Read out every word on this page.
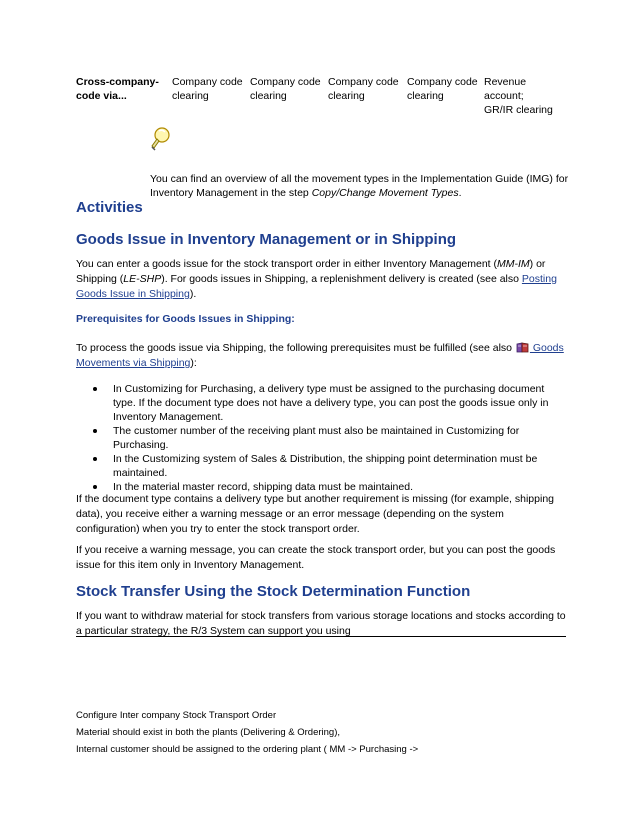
Cross-company-
code via...
Company code
clearing
Company code
clearing
Company code
clearing
Company code
clearing
Revenue
account;
GR/IR clearing

You can find an overview of all the movement types in the Implementation Guide (IMG) for Inventory Management in the step Copy/Change Movement Types.

Activities
Goods Issue in Inventory Management or in Shipping

You can enter a goods issue for the stock transport order in either Inventory Management (MM-IM) or Shipping (LE-SHP). For goods issues in Shipping, a replenishment delivery is created (see also Posting Goods Issue in Shipping).

Prerequisites for Goods Issues in Shipping:

To process the goods issue via Shipping, the following prerequisites must be fulfilled (see also  Goods Movements via Shipping):

In Customizing for Purchasing, a delivery type must be assigned to the purchasing document type. If the document type does not have a delivery type, you can post the goods issue only in Inventory Management.
The customer number of the receiving plant must also be maintained in Customizing for Purchasing.
In the Customizing system of Sales & Distribution, the shipping point determination must be maintained.
In the material master record, shipping data must be maintained.

If the document type contains a delivery type but another requirement is missing (for example, shipping data), you receive either a warning message or an error message (depending on the system configuration) when you try to enter the stock transport order.

If you receive a warning message, you can create the stock transport order, but you can post the goods issue for this item only in Inventory Management.

Stock Transfer Using the Stock Determination Function

If you want to withdraw material for stock transfers from various storage locations and stocks according to a particular strategy, the R/3 System can support you using

Configure Inter company Stock Transport Order

Material should exist in both the plants (Delivering & Ordering),

Internal customer should be assigned to the ordering plant ( MM -> Purchasing ->
